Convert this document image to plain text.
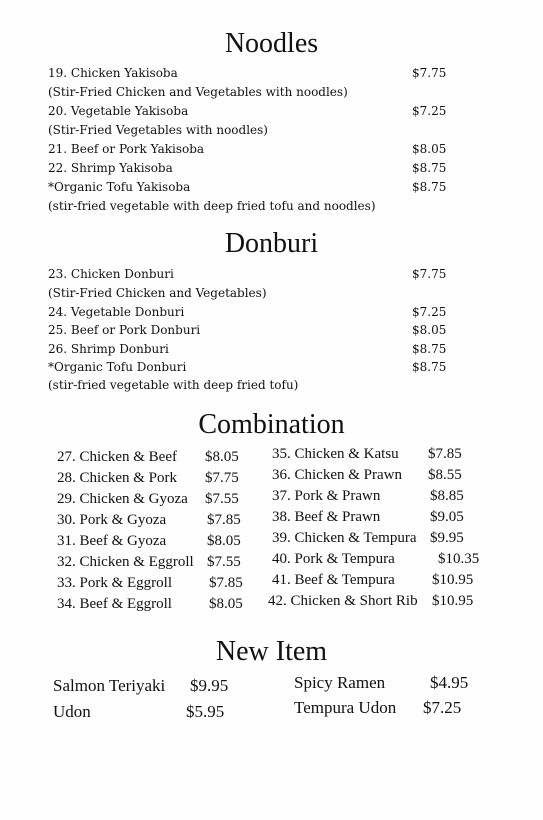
Noodles
19. Chicken Yakisoba	$7.75
(Stir-Fried Chicken and Vegetables with noodles)
20. Vegetable Yakisoba	$7.25
(Stir-Fried Vegetables with noodles)
21. Beef or Pork Yakisoba	$8.05
22. Shrimp Yakisoba	$8.75
*Organic Tofu Yakisoba	$8.75
(stir-fried vegetable with deep fried tofu and noodles)
Donburi
23. Chicken Donburi	$7.75
(Stir-Fried Chicken and Vegetables)
24. Vegetable Donburi	$7.25
25. Beef or Pork Donburi	$8.05
26. Shrimp Donburi	$8.75
*Organic Tofu Donburi	$8.75
(stir-fried vegetable with deep fried tofu)
Combination
27. Chicken & Beef $8.05
28. Chicken & Pork $7.75
29. Chicken & Gyoza $7.55
30. Pork & Gyoza	$7.85
31. Beef & Gyoza	$8.05
32. Chicken & Eggroll $7.55
33. Pork & Eggroll $7.85
34. Beef & Eggroll $8.05
35. Chicken & Katsu $7.85
36. Chicken & Prawn $8.55
37. Pork & Prawn	$8.85
38. Beef & Prawn	$9.05
39. Chicken & Tempura $9.95
40. Pork & Tempura	$10.35
41. Beef & Tempura $10.95
42. Chicken & Short Rib $10.95
New Item
Salmon Teriyaki $9.95
Udon	$5.95
Spicy Ramen	$4.95
Tempura Udon $7.25
